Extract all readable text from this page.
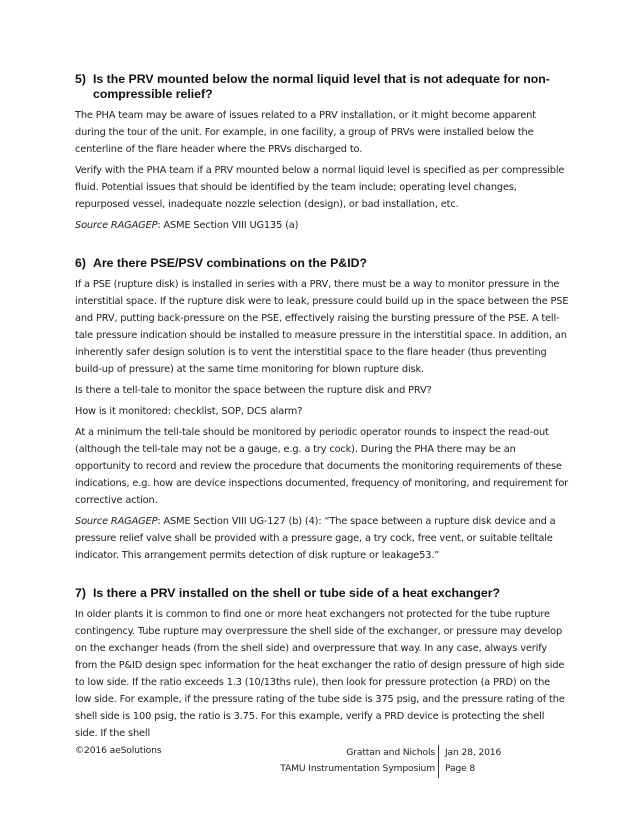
5) Is the PRV mounted below the normal liquid level that is not adequate for non-compressible relief?

The PHA team may be aware of issues related to a PRV installation, or it might become apparent during the tour of the unit. For example, in one facility, a group of PRVs were installed below the centerline of the flare header where the PRVs discharged to.

Verify with the PHA team if a PRV mounted below a normal liquid level is specified as per compressible fluid. Potential issues that should be identified by the team include; operating level changes, repurposed vessel, inadequate nozzle selection (design), or bad installation, etc.

Source RAGAGEP: ASME Section VIII UG135 (a)

6) Are there PSE/PSV combinations on the P&ID?

If a PSE (rupture disk) is installed in series with a PRV, there must be a way to monitor pressure in the interstitial space. If the rupture disk were to leak, pressure could build up in the space between the PSE and PRV, putting back-pressure on the PSE, effectively raising the bursting pressure of the PSE. A tell-tale pressure indication should be installed to measure pressure in the interstitial space. In addition, an inherently safer design solution is to vent the interstitial space to the flare header (thus preventing build-up of pressure) at the same time monitoring for blown rupture disk.

Is there a tell-tale to monitor the space between the rupture disk and PRV?

How is it monitored: checklist, SOP, DCS alarm?

At a minimum the tell-tale should be monitored by periodic operator rounds to inspect the read-out (although the tell-tale may not be a gauge, e.g. a try cock). During the PHA there may be an opportunity to record and review the procedure that documents the monitoring requirements of these indications, e.g. how are device inspections documented, frequency of monitoring, and requirement for corrective action.

Source RAGAGEP: ASME Section VIII UG-127 (b) (4): “The space between a rupture disk device and a pressure relief valve shall be provided with a pressure gage, a try cock, free vent, or suitable telltale indicator. This arrangement permits detection of disk rupture or leakage53.”

7) Is there a PRV installed on the shell or tube side of a heat exchanger?

In older plants it is common to find one or more heat exchangers not protected for the tube rupture contingency. Tube rupture may overpressure the shell side of the exchanger, or pressure may develop on the exchanger heads (from the shell side) and overpressure that way. In any case, always verify from the P&ID design spec information for the heat exchanger the ratio of design pressure of high side to low side. If the ratio exceeds 1.3 (10/13ths rule), then look for pressure protection (a PRD) on the low side. For example, if the pressure rating of the tube side is 375 psig, and the pressure rating of the shell side is 100 psig, the ratio is 3.75. For this example, verify a PRD device is protecting the shell side. If the shell

©2016 aeSolutions	Grattan and Nichols
TAMU Instrumentation Symposium
Jan 28, 2016
Page 8
